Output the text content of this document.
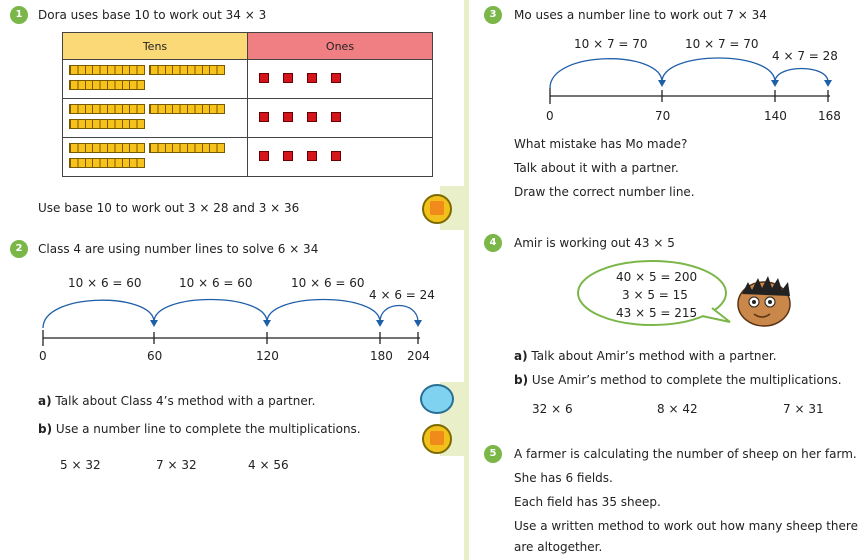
1	Dora uses base 10 to work out 34 × 3
Tens	Ones

Use base 10 to work out 3 × 28 and 3 × 36
2	Class 4 are using number lines to solve 6 × 34
10 × 6 = 60	10 × 6 = 60	10 × 6 = 60
4 × 6 = 24
0	60	120	180 204
a) Talk about Class 4’s method with a partner.
b) Use a number line to complete the multiplications.
5 × 32	7 × 32	4 × 56
3	Mo uses a number line to work out 7 × 34
10 × 7 = 70	10 × 7 = 70
4 × 7 = 28
0	70	140	168
What mistake has Mo made?
Talk about it with a partner.
Draw the correct number line.
4	Amir is working out 43 × 5
40 × 5 = 200
3 × 5 = 15
43 × 5 = 215
a) Talk about Amir’s method with a partner.
b) Use Amir’s method to complete the multiplications.
32 × 6	8 × 42	7 × 31
5	A farmer is calculating the number of sheep on her farm.
She has 6 fields.
Each field has 35 sheep.
Use a written method to work out how many sheep there
are altogether.
